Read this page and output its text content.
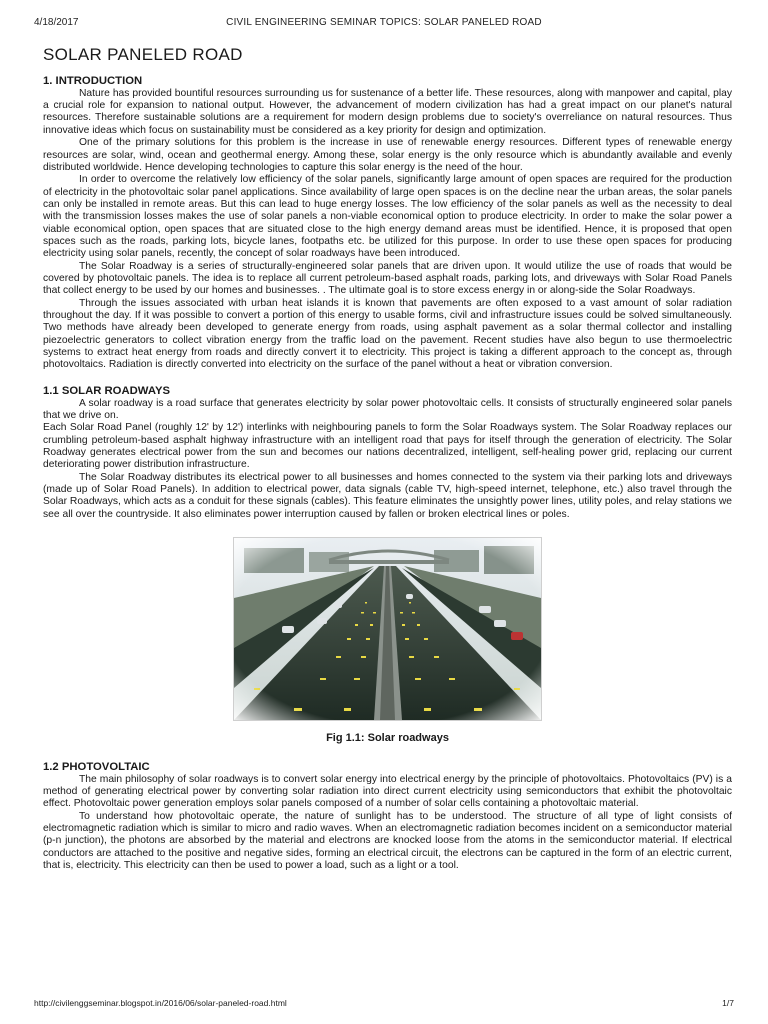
4/18/2017	CIVIL ENGINEERING SEMINAR TOPICS: SOLAR PANELED ROAD
SOLAR PANELED ROAD
1. INTRODUCTION

Nature has provided bountiful resources surrounding us for sustenance of a better life. These resources, along with manpower and capital, play a crucial role for expansion to national output. However, the advancement of modern civilization has had a great impact on our planet's natural resources. Therefore sustainable solutions are a requirement for modern design problems due to society's overreliance on natural resources. Thus innovative ideas which focus on sustainability must be considered as a key priority for design and optimization.

One of the primary solutions for this problem is the increase in use of renewable energy resources. Different types of renewable energy resources are solar, wind, ocean and geothermal energy. Among these, solar energy is the only resource which is abundantly available and evenly distributed worldwide. Hence developing technologies to capture this solar energy is the need of the hour.

In order to overcome the relatively low efficiency of the solar panels, significantly large amount of open spaces are required for the production of electricity in the photovoltaic solar panel applications. Since availability of large open spaces is on the decline near the urban areas, the solar panels can only be installed in remote areas. But this can lead to huge energy losses. The low efficiency of the solar panels as well as the necessity to deal with the transmission losses makes the use of solar panels a non-viable economical option to produce electricity. In order to make the solar power a viable economical option, open spaces that are situated close to the high energy demand areas must be identified. Hence, it is proposed that open spaces such as the roads, parking lots, bicycle lanes, footpaths etc. be utilized for this purpose. In order to use these open spaces for producing electricity using solar panels, recently, the concept of solar roadways have been introduced.

The Solar Roadway is a series of structurally-engineered solar panels that are driven upon. It would utilize the use of roads that would be covered by photovoltaic panels. The idea is to replace all current petroleum-based asphalt roads, parking lots, and driveways with Solar Road Panels that collect energy to be used by our homes and businesses. . The ultimate goal is to store excess energy in or along-side the Solar Roadways.

Through the issues associated with urban heat islands it is known that pavements are often exposed to a vast amount of solar radiation throughout the day. If it was possible to convert a portion of this energy to usable forms, civil and infrastructure issues could be solved simultaneously. Two methods have already been developed to generate energy from roads, using asphalt pavement as a solar thermal collector and installing piezoelectric generators to collect vibration energy from the traffic load on the pavement. Recent studies have also begun to use thermoelectric systems to extract heat energy from roads and directly convert it to electricity. This project is taking a different approach to the concept as, through photovoltaics. Radiation is directly converted into electricity on the surface of the panel without a heat or vibration conversion.

1.1 SOLAR ROADWAYS

A solar roadway is a road surface that generates electricity by solar power photovoltaic cells. It consists of structurally engineered solar panels that we drive on.

Each Solar Road Panel (roughly 12' by 12') interlinks with neighbouring panels to form the Solar Roadways system. The Solar Roadway replaces our crumbling petroleum-based asphalt highway infrastructure with an intelligent road that pays for itself through the generation of electricity. The Solar Roadway generates electrical power from the sun and becomes our nations decentralized, intelligent, self-healing power grid, replacing our current deteriorating power distribution infrastructure.

The Solar Roadway distributes its electrical power to all businesses and homes connected to the system via their parking lots and driveways (made up of Solar Road Panels). In addition to electrical power, data signals (cable TV, high-speed internet, telephone, etc.) also travel through the Solar Roadways, which acts as a conduit for these signals (cables). This feature eliminates the unsightly power lines, utility poles, and relay stations we see all over the countryside. It also eliminates power interruption caused by fallen or broken electrical lines or poles.

Fig 1.1: Solar roadways
1.2 PHOTOVOLTAIC

The main philosophy of solar roadways is to convert solar energy into electrical energy by the principle of photovoltaics. Photovoltaics (PV) is a method of generating electrical power by converting solar radiation into direct current electricity using semiconductors that exhibit the photovoltaic effect. Photovoltaic power generation employs solar panels composed of a number of solar cells containing a photovoltaic material.

To understand how photovoltaic operate, the nature of sunlight has to be understood. The structure of all type of light consists of electromagnetic radiation which is similar to micro and radio waves. When an electromagnetic radiation becomes incident on a semiconductor material (p-n junction), the photons are absorbed by the material and electrons are knocked loose from the atoms in the semiconductor material. If electrical conductors are attached to the positive and negative sides, forming an electrical circuit, the electrons can be captured in the form of an electric current, that is, electricity. This electricity can then be used to power a load, such as a light or a tool.

http://civilenggseminar.blogspot.in/2016/06/solar-paneled-road.html	1/7
